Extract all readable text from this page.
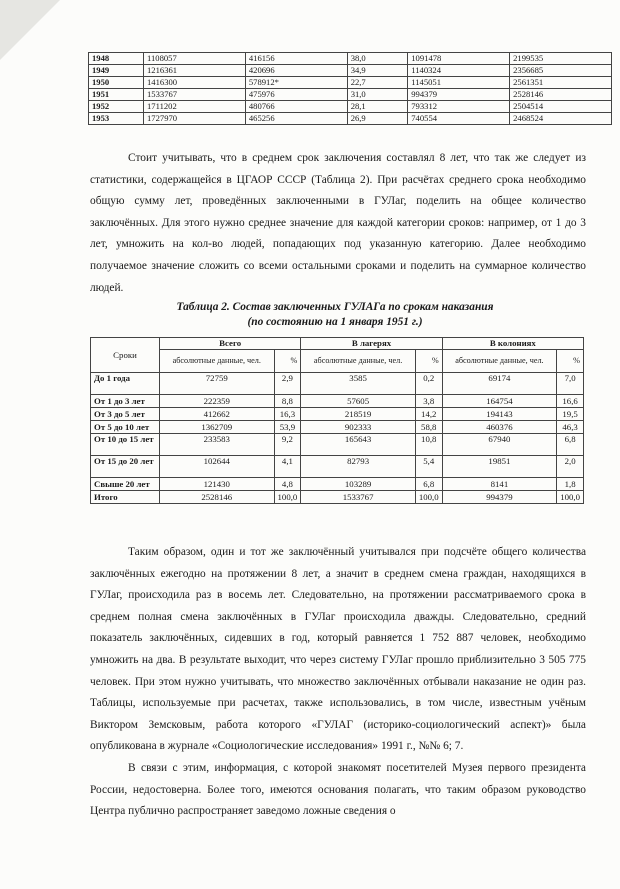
1948	1108057	416156	38,0	1091478	2199535
1949	1216361	420696	34,9	1140324	2356685
1950	1416300	578912*	22,7	1145051	2561351
1951	1533767	475976	31,0	994379	2528146
1952	1711202	480766	28,1	793312	2504514
1953	1727970	465256	26,9	740554	2468524

Стоит учитывать, что в среднем срок заключения составлял 8 лет, что так же следует из статистики, содержащейся в ЦГАОР СССР (Таблица 2). При расчётах среднего срока необходимо общую сумму лет, проведённых заключенными в ГУЛаг, поделить на общее количество заключённых. Для этого нужно среднее значение для каждой категории сроков: например, от 1 до 3 лет, умножить на кол-во людей, попадающих под указанную категорию. Далее необходимо получаемое значение сложить со всеми остальными сроками и поделить на суммарное количество людей.

Таблица 2. Состав заключенных ГУЛАГа по срокам наказания
(по состоянию на 1 января 1951 г.)

Сроки	Всего		В лагерях		В колониях	
	абсолютные данные, чел.	%	абсолютные данные, чел.	%	абсолютные данные, чел.	%
До 1 года	72759	2,9	3585	0,2	69174	7,0
От 1 до 3 лет	222359	8,8	57605	3,8	164754	16,6
От 3 до 5 лет	412662	16,3	218519	14,2	194143	19,5
От 5 до 10 лет	1362709	53,9	902333	58,8	460376	46,3
От 10 до 15 лет	233583	9,2	165643	10,8	67940	6,8
От 15 до 20 лет	102644	4,1	82793	5,4	19851	2,0
Свыше 20 лет	121430	4,8	103289	6,8	8141	1,8
Итого	2528146	100,0	1533767	100,0	994379	100,0

Таким образом, один и тот же заключённый учитывался при подсчёте общего количества заключённых ежегодно на протяжении 8 лет, а значит в среднем смена граждан, находящихся в ГУЛаг, происходила раз в восемь лет. Следовательно, на протяжении рассматриваемого срока в среднем полная смена заключённых в ГУЛаг происходила дважды. Следовательно, средний показатель заключённых, сидевших в год, который равняется 1 752 887 человек, необходимо умножить на два. В результате выходит, что через систему ГУЛаг прошло приблизительно 3 505 775 человек. При этом нужно учитывать, что множество заключённых отбывали наказание не один раз. Таблицы, используемые при расчетах, также использовались, в том числе, известным учёным Виктором Земсковым, работа которого «ГУЛАГ (историко-социологический аспект)» была опубликована в журнале «Социологические исследования» 1991 г., №№ 6; 7.

В связи с этим, информация, с которой знакомят посетителей Музея первого президента России, недостоверна. Более того, имеются основания полагать, что таким образом руководство Центра публично распространяет заведомо ложные сведения о
